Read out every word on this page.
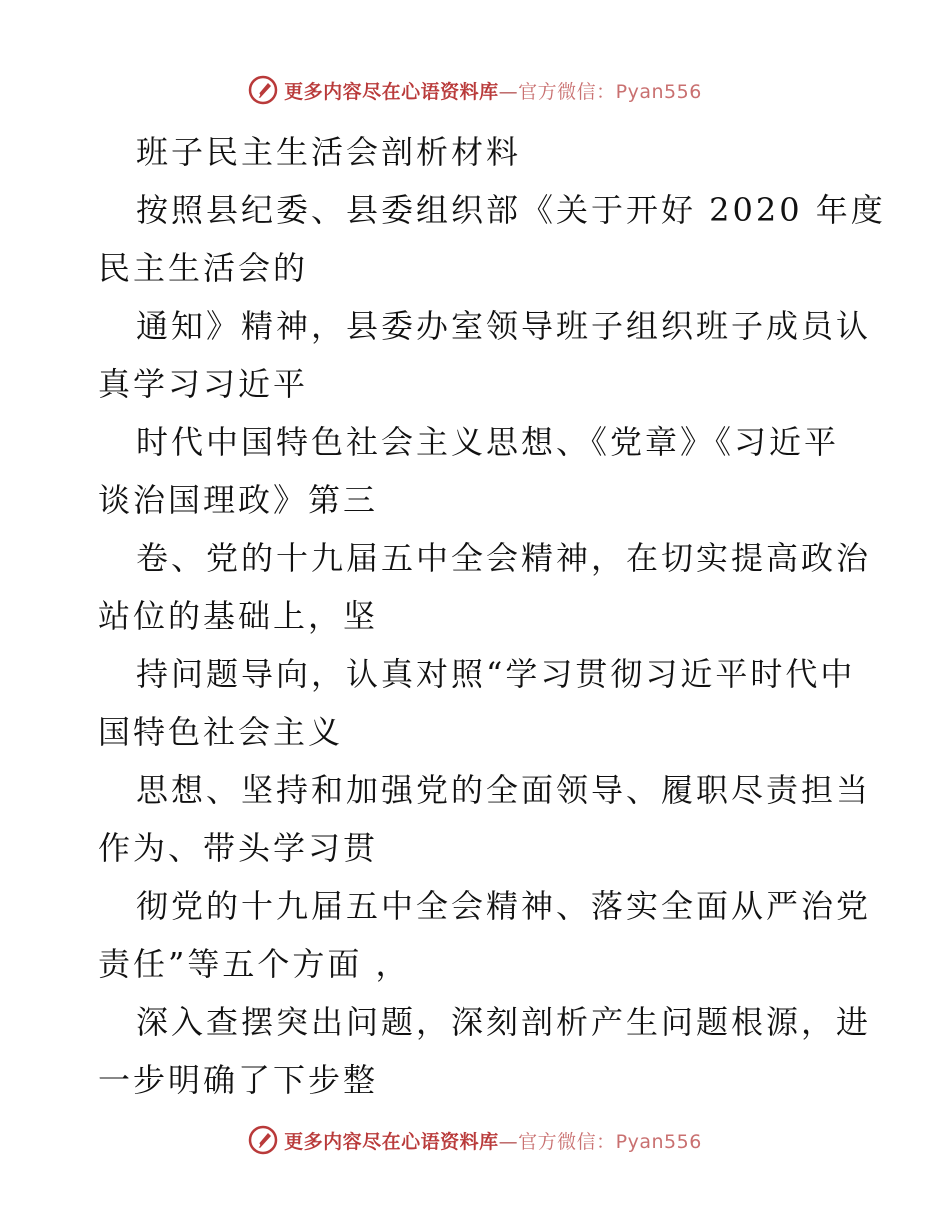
更多内容尽在心语资料库—官方微信：Pyan556
班子民主生活会剖析材料
按照县纪委、县委组织部《关于开好 2020 年度
民主生活会的
通知》精神，县委办室领导班子组织班子成员认
真学习习近平
时代中国特色社会主义思想、《党章》《习近平
谈治国理政》第三
卷、党的十九届五中全会精神，在切实提高政治
站位的基础上，坚
持问题导向，认真对照“学习贯彻习近平时代中
国特色社会主义
思想、坚持和加强党的全面领导、履职尽责担当
作为、带头学习贯
彻党的十九届五中全会精神、落实全面从严治党
责任”等五个方面 ，
深入查摆突出问题，深刻剖析产生问题根源，进
一步明确了下步整
更多内容尽在心语资料库—官方微信：Pyan556
